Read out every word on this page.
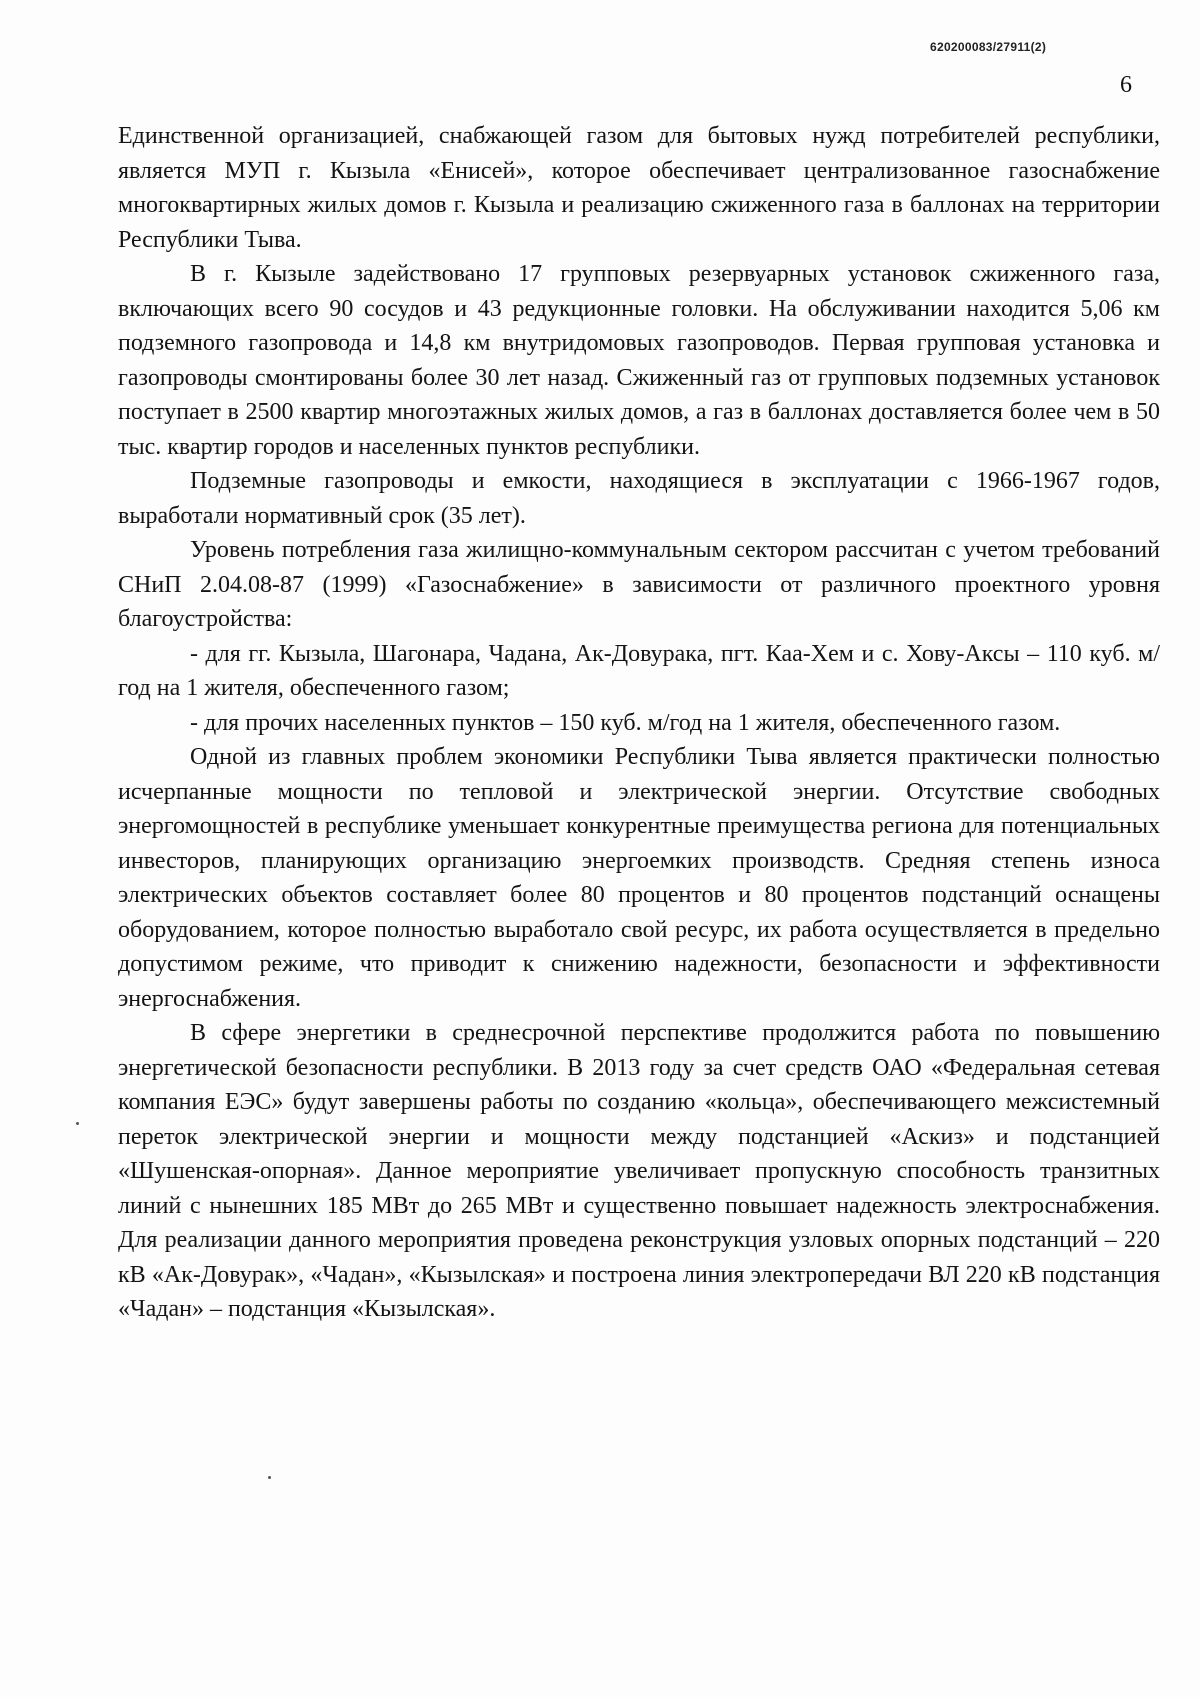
620200083/27911(2)
6

Единственной организацией, снабжающей газом для бытовых нужд потребителей республики, является МУП г. Кызыла «Енисей», которое обеспечивает централизованное газоснабжение многоквартирных жилых домов г. Кызыла и реализацию сжиженного газа в баллонах на территории Республики Тыва.

В г. Кызыле задействовано 17 групповых резервуарных установок сжиженного газа, включающих всего 90 сосудов и 43 редукционные головки. На обслуживании находится 5,06 км подземного газопровода и 14,8 км внутридомовых газопроводов. Первая групповая установка и газопроводы смонтированы более 30 лет назад. Сжиженный газ от групповых подземных установок поступает в 2500 квартир многоэтажных жилых домов, а газ в баллонах доставляется более чем в 50 тыс. квартир городов и населенных пунктов республики.

Подземные газопроводы и емкости, находящиеся в эксплуатации с 1966-1967 годов, выработали нормативный срок (35 лет).

Уровень потребления газа жилищно-коммунальным сектором рассчитан с учетом требований СНиП 2.04.08-87 (1999) «Газоснабжение» в зависимости от различного проектного уровня благоустройства:

- для гг. Кызыла, Шагонара, Чадана, Ак-Довурака, пгт. Каа-Хем и с. Хову-Аксы – 110 куб. м/год на 1 жителя, обеспеченного газом;

- для прочих населенных пунктов – 150 куб. м/год на 1 жителя, обеспеченного газом.

Одной из главных проблем экономики Республики Тыва является практически полностью исчерпанные мощности по тепловой и электрической энергии. Отсутствие свободных энергомощностей в республике уменьшает конкурентные преимущества региона для потенциальных инвесторов, планирующих организацию энергоемких производств. Средняя степень износа электрических объектов составляет более 80 процентов и 80 процентов подстанций оснащены оборудованием, которое полностью выработало свой ресурс, их работа осуществляется в предельно допустимом режиме, что приводит к снижению надежности, безопасности и эффективности энергоснабжения.

В сфере энергетики в среднесрочной перспективе продолжится работа по повышению энергетической безопасности республики. В 2013 году за счет средств ОАО «Федеральная сетевая компания ЕЭС» будут завершены работы по созданию «кольца», обеспечивающего межсистемный переток электрической энергии и мощности между подстанцией «Аскиз» и подстанцией «Шушенская-опорная». Данное мероприятие увеличивает пропускную способность транзитных линий с нынешних 185 МВт до 265 МВт и существенно повышает надежность электроснабжения. Для реализации данного мероприятия проведена реконструкция узловых опорных подстанций – 220 кВ «Ак-Довурак», «Чадан», «Кызылская» и построена линия электропередачи ВЛ 220 кВ подстанция «Чадан» – подстанция «Кызылская».
